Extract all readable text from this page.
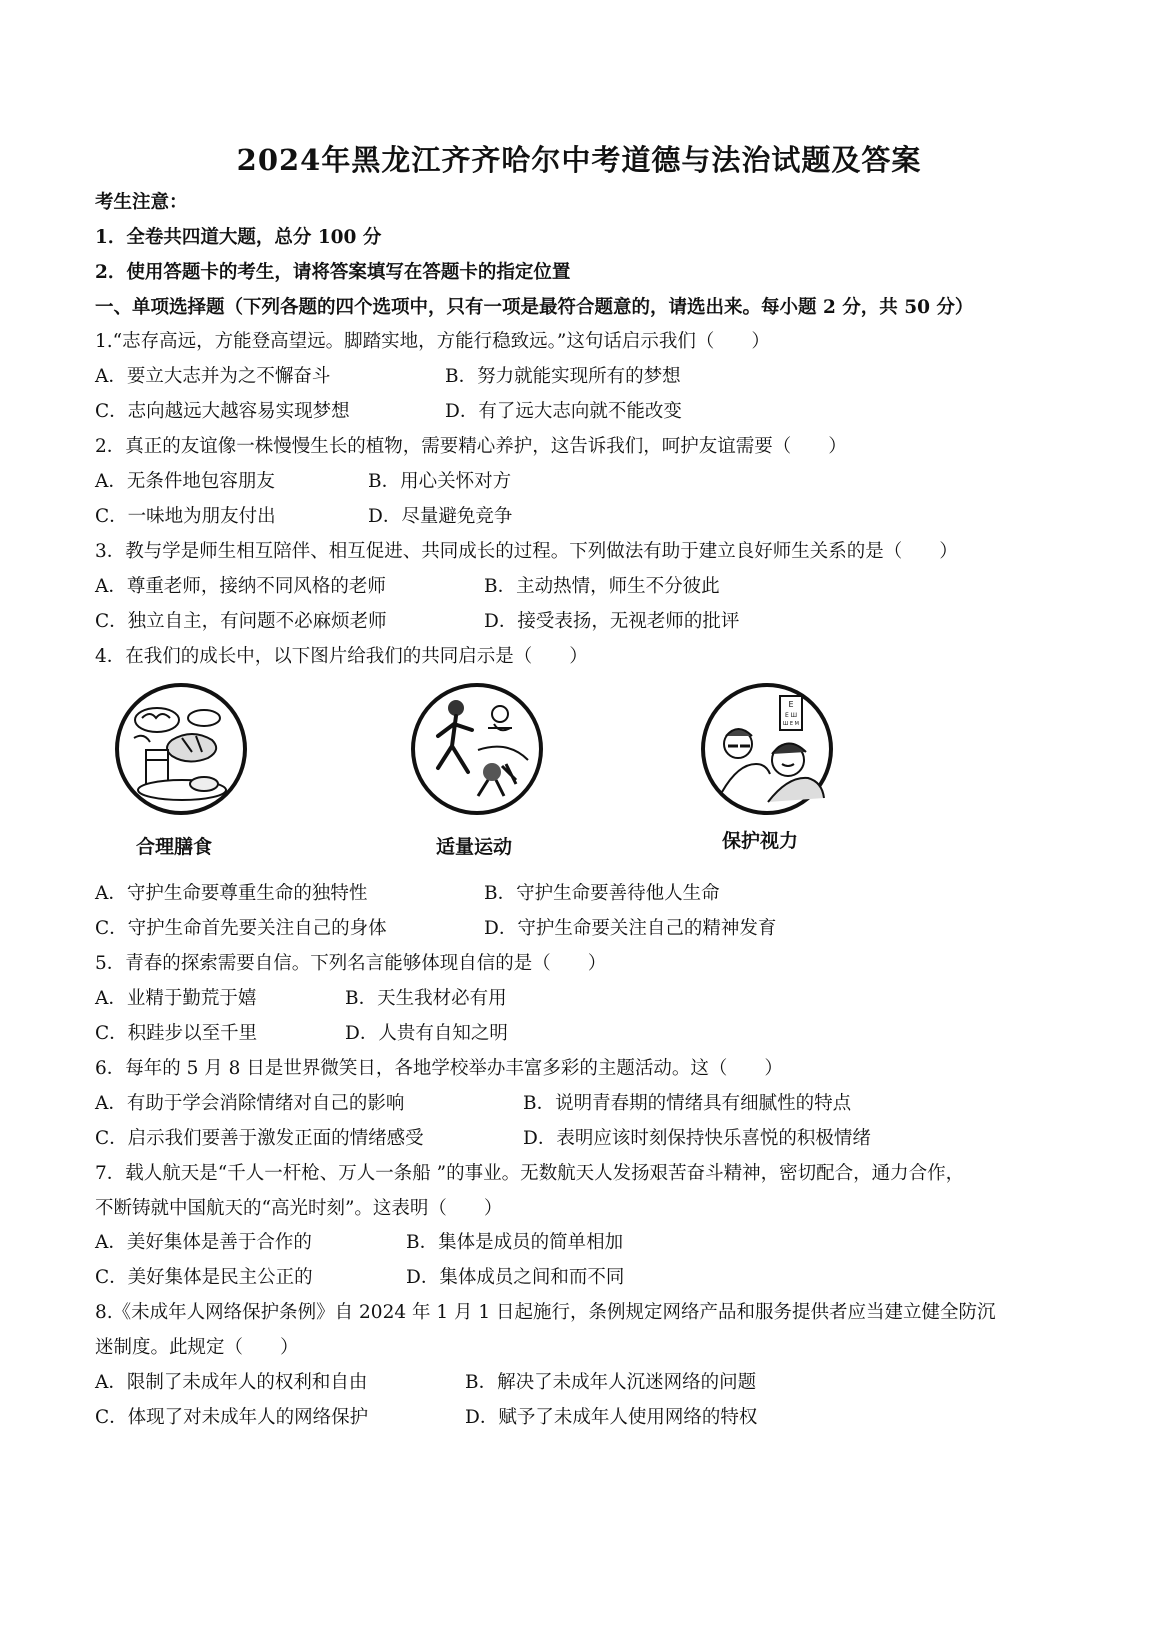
2024年黑龙江齐齐哈尔中考道德与法治试题及答案
考生注意：
1．全卷共四道大题，总分 100 分
2．使用答题卡的考生，请将答案填写在答题卡的指定位置
一、单项选择题（下列各题的四个选项中，只有一项是最符合题意的，请选出来。每小题 2 分，共 50 分）
1.“志存高远，方能登高望远。脚踏实地，方能行稳致远。”这句话启示我们（　　）
A．要立大志并为之不懈奋斗	B．努力就能实现所有的梦想
C．志向越远大越容易实现梦想	D．有了远大志向就不能改变
2．真正的友谊像一株慢慢生长的植物，需要精心养护，这告诉我们，呵护友谊需要（　　）
A．无条件地包容朋友	B．用心关怀对方
C．一味地为朋友付出	D．尽量避免竞争
3．教与学是师生相互陪伴、相互促进、共同成长的过程。下列做法有助于建立良好师生关系的是（　　）
A．尊重老师，接纳不同风格的老师	B．主动热情，师生不分彼此
C．独立自主，有问题不必麻烦老师	D．接受表扬，无视老师的批评
4．在我们的成长中，以下图片给我们的共同启示是（　　）
合理膳食	适量运动
E
E Ш
Ш E M
保护视力
A．守护生命要尊重生命的独特性	B．守护生命要善待他人生命
C．守护生命首先要关注自己的身体	D．守护生命要关注自己的精神发育
5．青春的探索需要自信。下列名言能够体现自信的是（　　）
A．业精于勤荒于嬉	B．天生我材必有用
C．积跬步以至千里	D．人贵有自知之明
6．每年的 5 月 8 日是世界微笑日，各地学校举办丰富多彩的主题活动。这（　　）
A．有助于学会消除情绪对自己的影响	B．说明青春期的情绪具有细腻性的特点
C．启示我们要善于激发正面的情绪感受	D．表明应该时刻保持快乐喜悦的积极情绪
7．载人航天是“千人一杆枪、万人一条船 ”的事业。无数航天人发扬艰苦奋斗精神，密切配合，通力合作，
不断铸就中国航天的“高光时刻”。这表明（　　）
A．美好集体是善于合作的	B．集体是成员的简单相加
C．美好集体是民主公正的	D．集体成员之间和而不同
8.《未成年人网络保护条例》自 2024 年 1 月 1 日起施行，条例规定网络产品和服务提供者应当建立健全防沉
迷制度。此规定（　　）
A．限制了未成年人的权利和自由	B．解决了未成年人沉迷网络的问题
C．体现了对未成年人的网络保护	D．赋予了未成年人使用网络的特权
